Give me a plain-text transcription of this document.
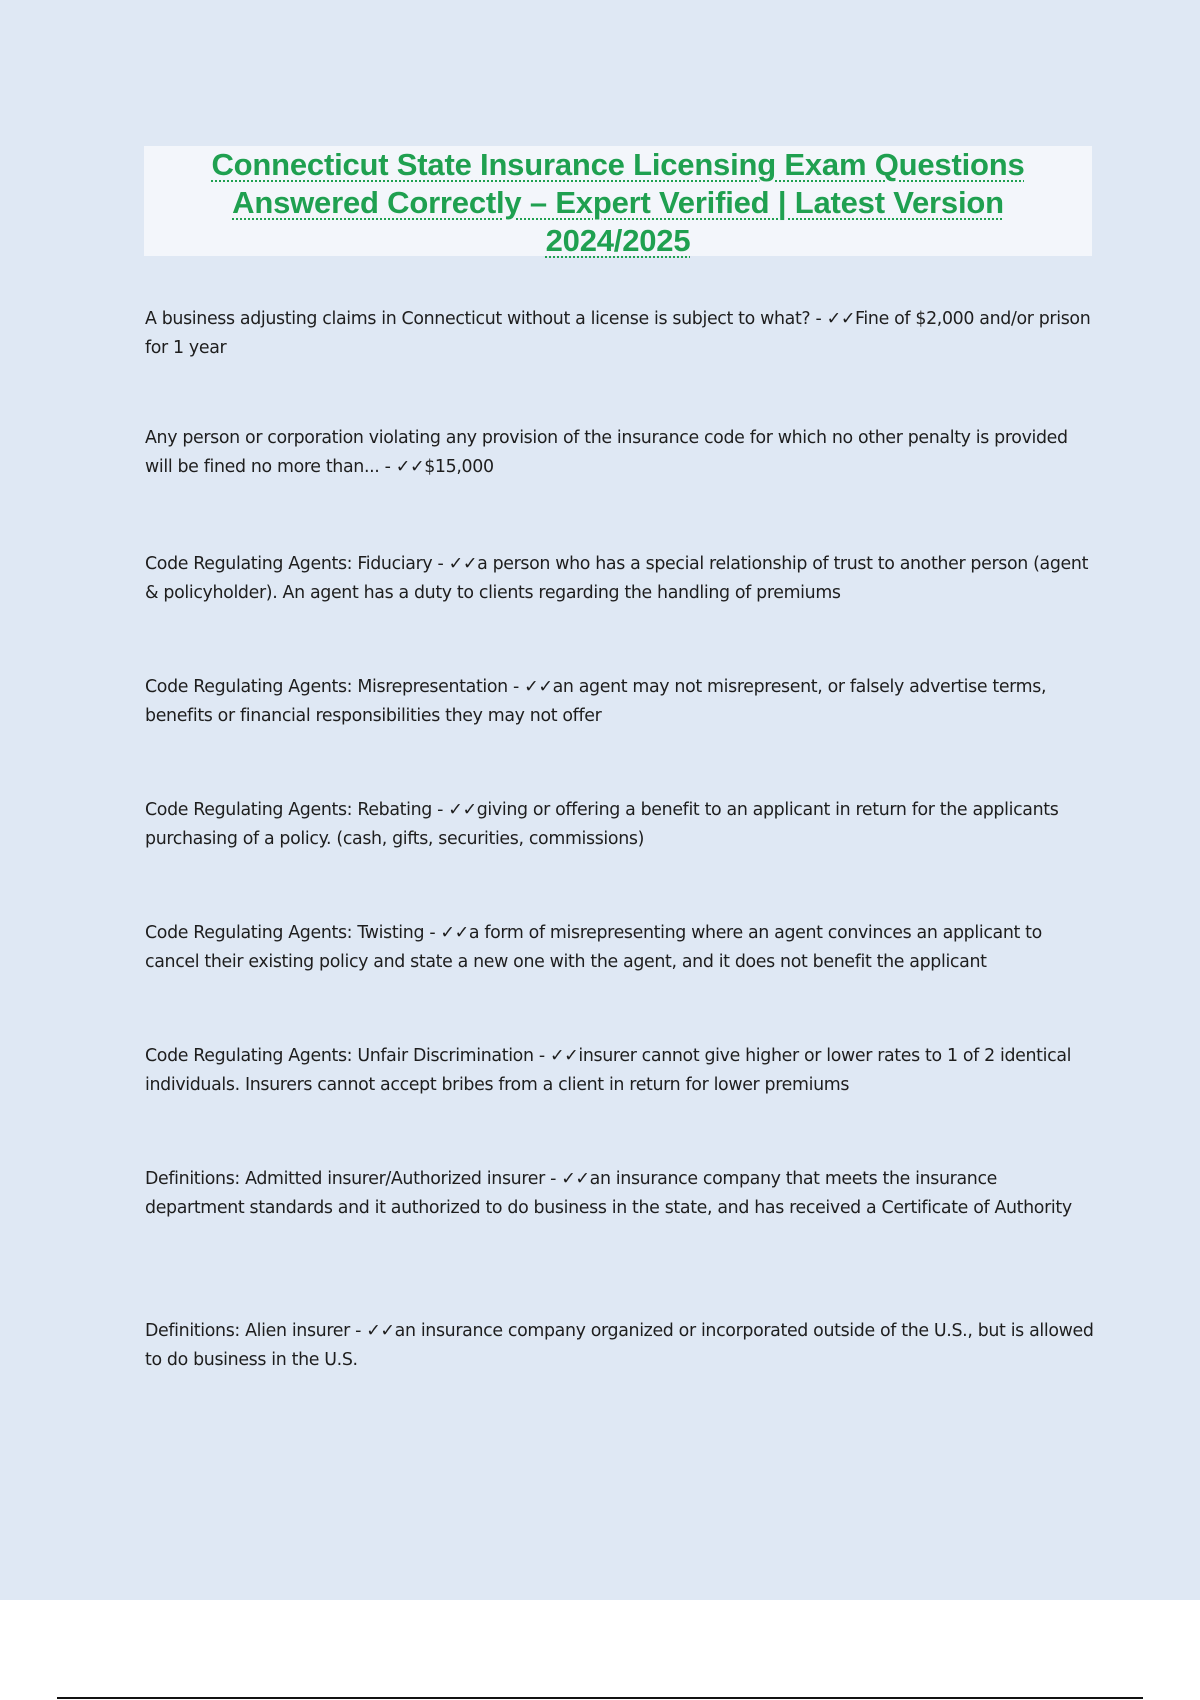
Connecticut State Insurance Licensing Exam Questions
Answered Correctly – Expert Verified | Latest Version
2024/2025
A business adjusting claims in Connecticut without a license is subject to what? - ✓✓Fine of $2,000 and/or prison for 1 year
Any person or corporation violating any provision of the insurance code for which no other penalty is provided will be fined no more than... - ✓✓$15,000
Code Regulating Agents: Fiduciary - ✓✓a person who has a special relationship of trust to another person (agent & policyholder). An agent has a duty to clients regarding the handling of premiums
Code Regulating Agents: Misrepresentation - ✓✓an agent may not misrepresent, or falsely advertise terms, benefits or financial responsibilities they may not offer
Code Regulating Agents: Rebating - ✓✓giving or offering a benefit to an applicant in return for the applicants purchasing of a policy. (cash, gifts, securities, commissions)
Code Regulating Agents: Twisting - ✓✓a form of misrepresenting where an agent convinces an applicant to cancel their existing policy and state a new one with the agent, and it does not benefit the applicant
Code Regulating Agents: Unfair Discrimination - ✓✓insurer cannot give higher or lower rates to 1 of 2 identical individuals. Insurers cannot accept bribes from a client in return for lower premiums
Definitions: Admitted insurer/Authorized insurer - ✓✓an insurance company that meets the insurance department standards and it authorized to do business in the state, and has received a Certificate of Authority
Definitions: Alien insurer - ✓✓an insurance company organized or incorporated outside of the U.S., but is allowed to do business in the U.S.
